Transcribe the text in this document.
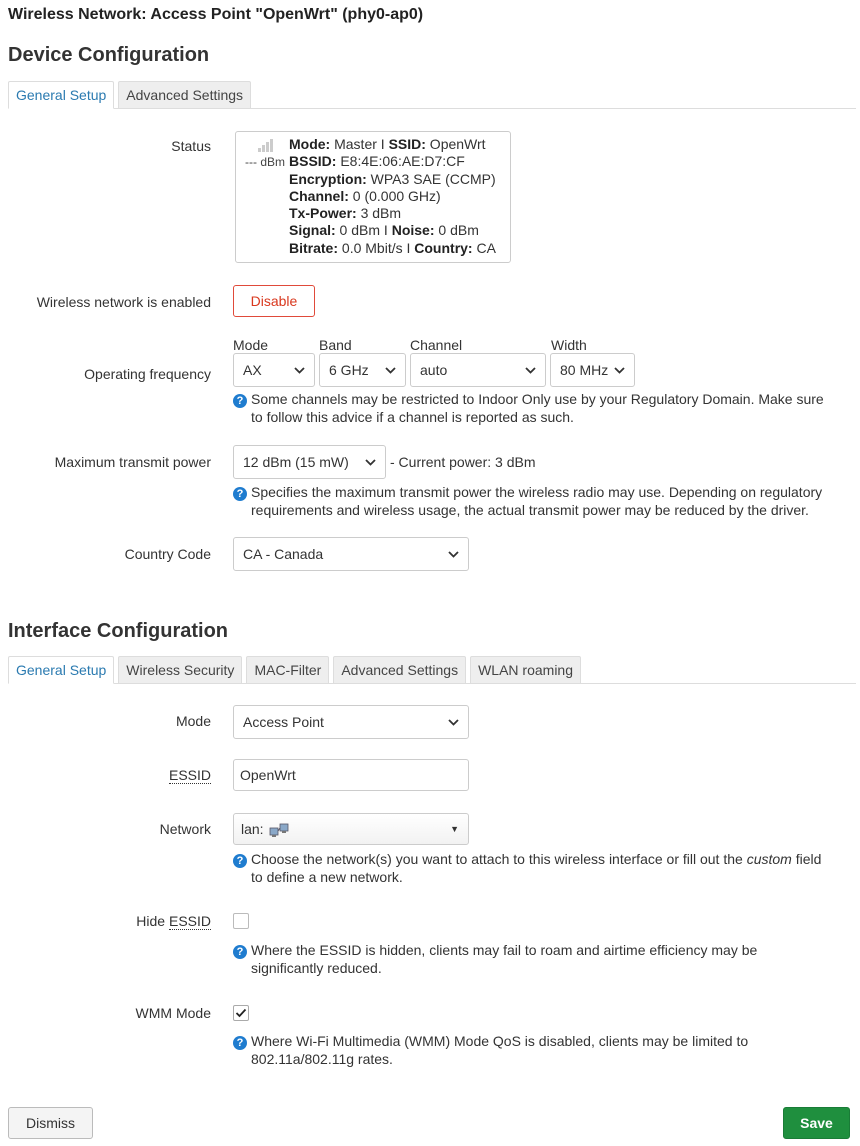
Wireless Network: Access Point "OpenWrt" (phy0-ap0)
Device Configuration
General Setup	Advanced Settings
Status
--- dBm
Mode: Master I SSID: OpenWrt
BSSID: E8:4E:06:AE:D7:CF
Encryption: WPA3 SAE (CCMP)
Channel: 0 (0.000 GHz)
Tx-Power: 3 dBm
Signal: 0 dBm I Noise: 0 dBm
Bitrate: 0.0 Mbit/s I Country: CA
Wireless network is enabled	Disable
Operating frequency
Mode	Band	Channel	Width
AX	6 GHz	auto	80 MHz
? Some channels may be restricted to Indoor Only use by your Regulatory Domain. Make sure
to follow this advice if a channel is reported as such.
Maximum transmit power	12 dBm (15 mW)	- Current power: 3 dBm
? Specifies the maximum transmit power the wireless radio may use. Depending on regulatory
requirements and wireless usage, the actual transmit power may be reduced by the driver.
Country Code	CA - Canada
Interface Configuration
General Setup	Wireless Security	MAC-Filter	Advanced Settings	WLAN roaming
Mode	Access Point
ESSID	OpenWrt
Network	lan:	▼
? Choose the network(s) you want to attach to this wireless interface or fill out the custom field
to define a new network.
Hide ESSID
? Where the ESSID is hidden, clients may fail to roam and airtime efficiency may be
significantly reduced.
WMM Mode
? Where Wi-Fi Multimedia (WMM) Mode QoS is disabled, clients may be limited to
802.11a/802.11g rates.
Dismiss	Save
